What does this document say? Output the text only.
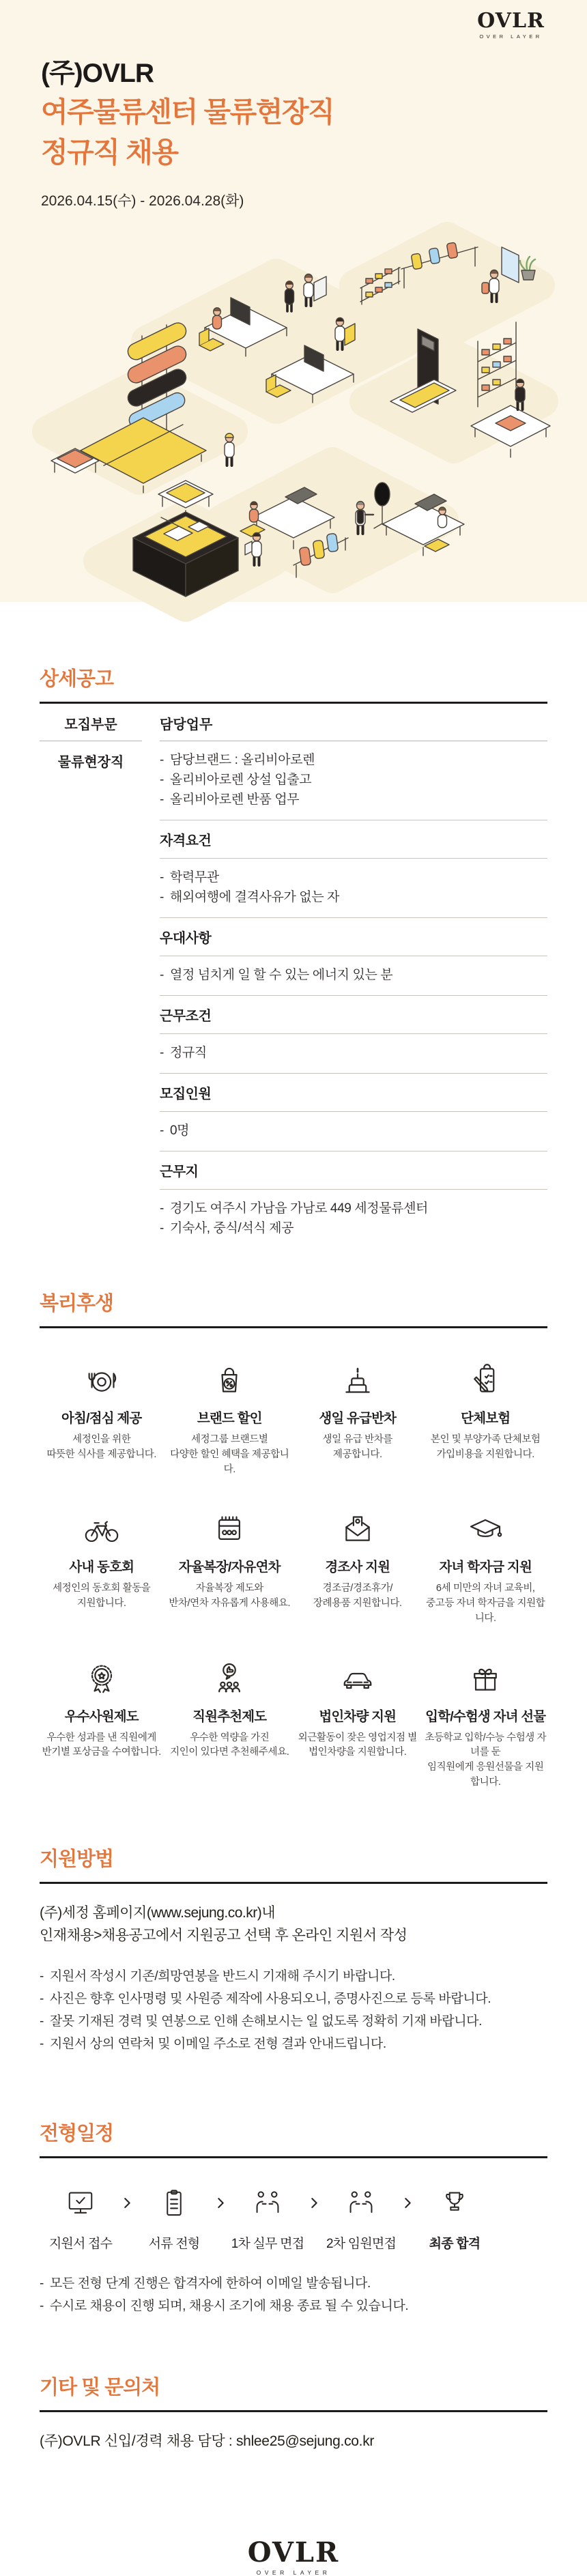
OVLR
OVER LAYER
(주)OVLR
여주물류센터 물류현장직
정규직 채용
2026.04.15(수) - 2026.04.28(화)
상세공고
모집부문	담당업무
물류현장직	- 담당브랜드 : 올리비아로렌
- 올리비아로렌 상설 입출고
- 올리비아로렌 반품 업무
자격요건
- 학력무관
- 해외여행에 결격사유가 없는 자
우대사항
- 열정 넘치게 일 할 수 있는 에너지 있는 분
근무조건
- 정규직
모집인원
- 0명
근무지
- 경기도 여주시 가남읍 가남로 449 세정물류센터
- 기숙사, 중식/석식 제공
복리후생
아침/점심 제공
세정인을 위한
따뜻한 식사를 제공합니다.
브랜드 할인
세정그룹 브랜드별
다양한 할인 혜택을 제공합니다.
생일 유급반차
생일 유급 반차를
제공합니다.
단체보험
본인 및 부양가족 단체보험
가입비용을 지원합니다.
사내 동호회
세정인의 동호회 활동을
지원합니다.
자율복장/자유연차
자율복장 제도와
반차/연차 자유롭게 사용해요.
경조사 지원
경조금/경조휴가/
장례용품 지원합니다.
자녀 학자금 지원
6세 미만의 자녀 교육비,
중고등 자녀 학자금을 지원합니다.
우수사원제도
우수한 성과를 낸 직원에게
반기별 포상금을 수여합니다.
직원추천제도
우수한 역량을 가진
지인이 있다면 추천해주세요.
법인차량 지원
외근활동이 잦은 영업지점 별
법인차량을 지원합니다.
입학/수험생 자녀 선물
초등학교 입학/수능 수험생 자녀를 둔
임직원에게 응원선물을 지원합니다.
지원방법
(주)세정 홈페이지(www.sejung.co.kr)내
인재채용>채용공고에서 지원공고 선택 후 온라인 지원서 작성
- 지원서 작성시 기존/희망연봉을 반드시 기재해 주시기 바랍니다.
- 사진은 향후 인사명령 및 사원증 제작에 사용되오니, 증명사진으로 등록 바랍니다.
- 잘못 기재된 경력 및 연봉으로 인해 손해보시는 일 없도록 정확히 기재 바랍니다.
- 지원서 상의 연락처 및 이메일 주소로 전형 결과 안내드립니다.
전형일정
지원서 접수	서류 전형	1차 실무 면접	2차 임원면접	최종 합격
- 모든 전형 단계 진행은 합격자에 한하여 이메일 발송됩니다.
- 수시로 채용이 진행 되며, 채용시 조기에 채용 종료 될 수 있습니다.
기타 및 문의처
(주)OVLR 신입/경력 채용 담당 : shlee25@sejung.co.kr
OVLR
OVER LAYER
